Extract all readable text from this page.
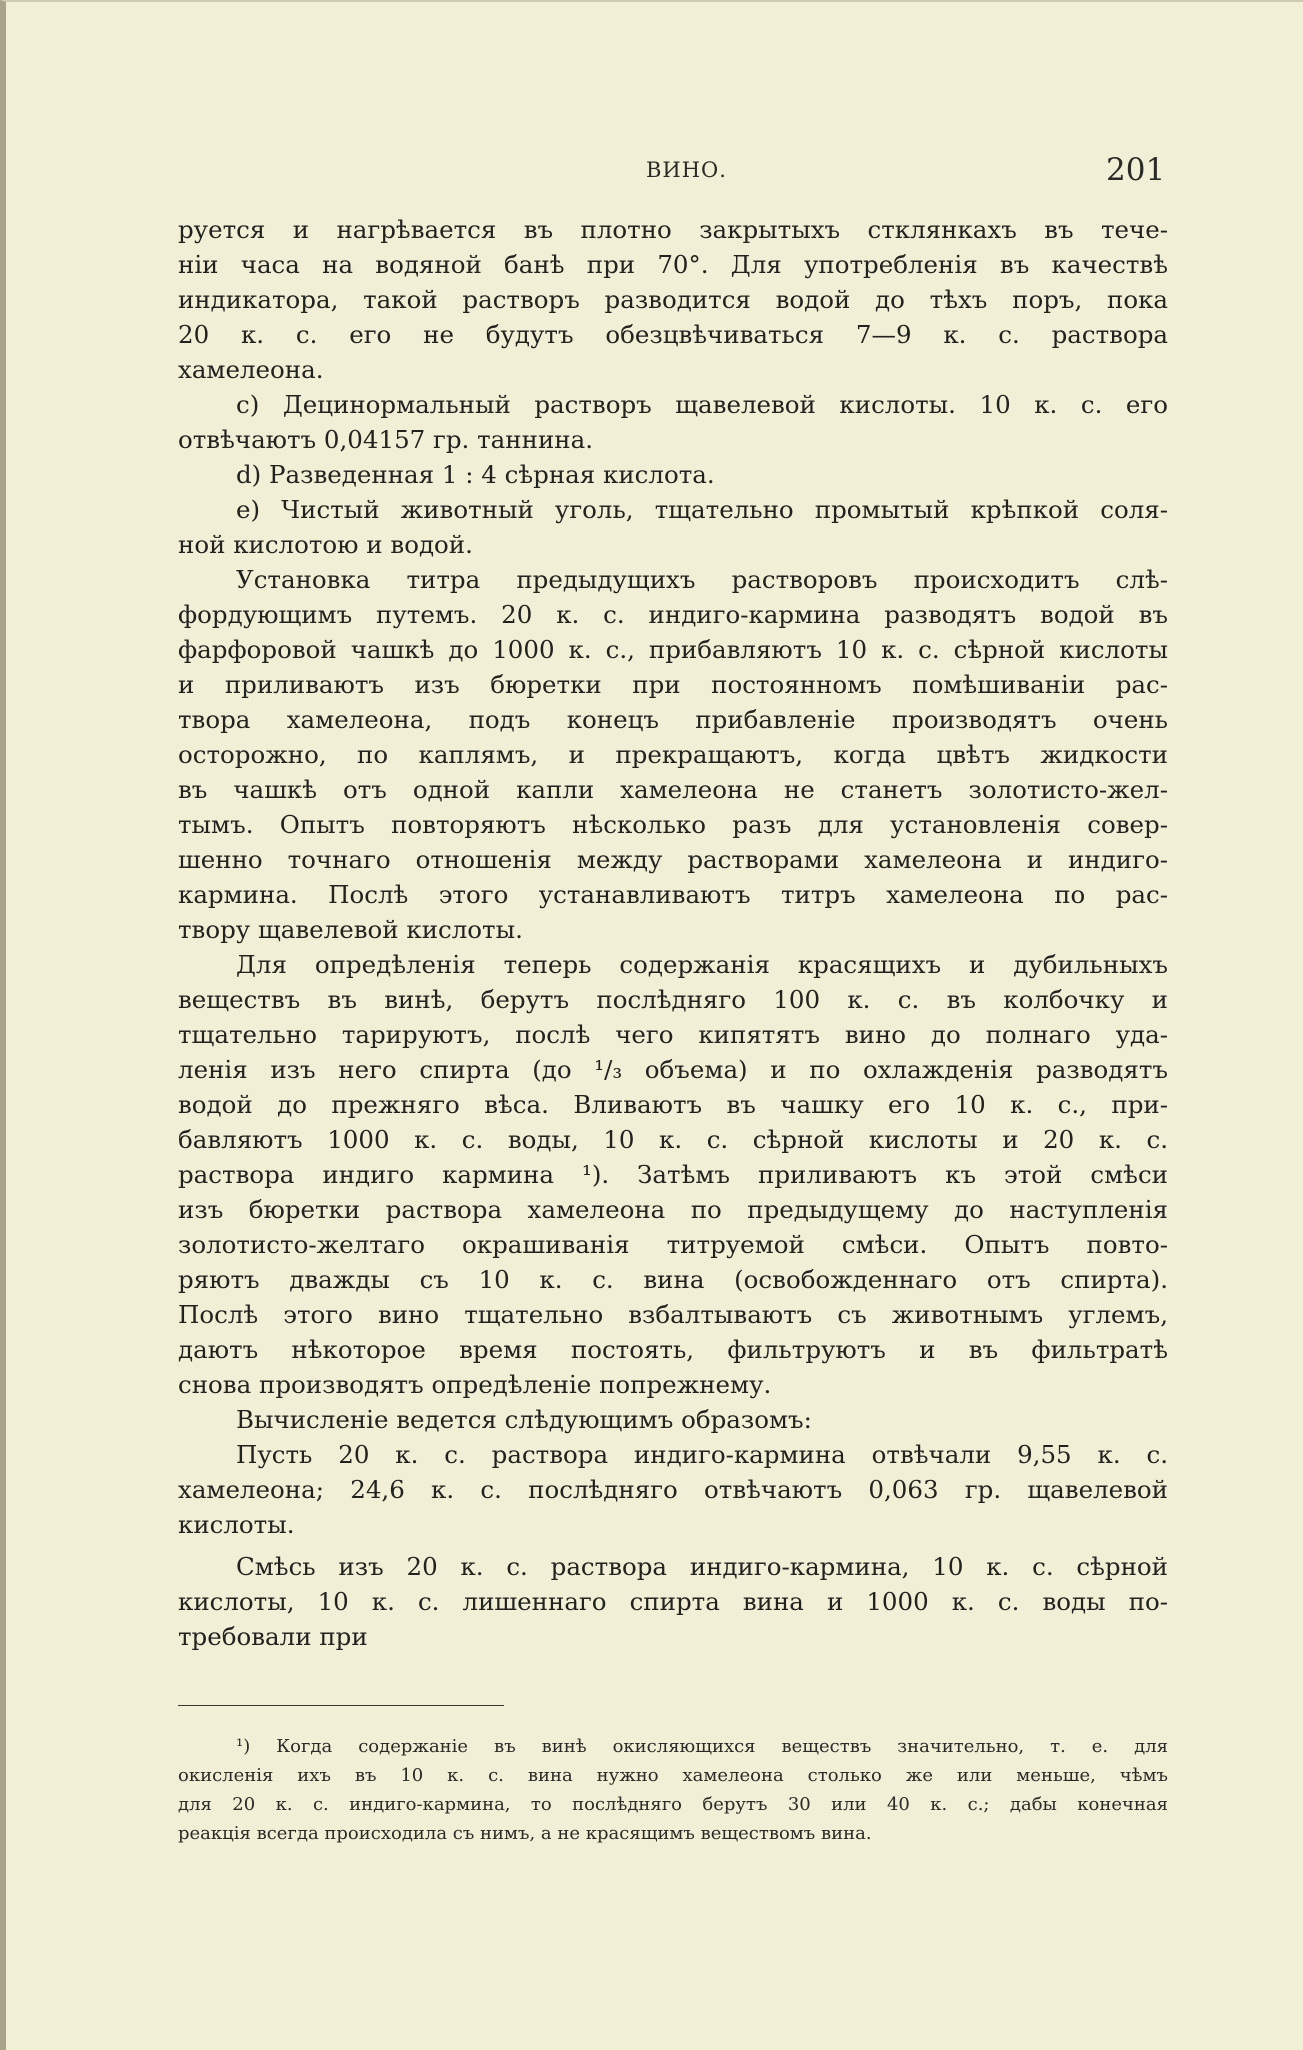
ВИНО.	201
руется и нагрѣвается въ плотно закрытыхъ стклянкахъ въ тече-
ніи часа на водяной банѣ при 70°. Для употребленія въ качествѣ
индикатора, такой растворъ разводится водой до тѣхъ поръ, пока
20 к. с. его не будутъ обезцвѣчиваться 7—9 к. с. раствора
хамелеона.
c) Децинормальный растворъ щавелевой кислоты. 10 к. с. его
отвѣчаютъ 0,04157 гр. таннина.
d) Разведенная 1 : 4 сѣрная кислота.
e) Чистый животный уголь, тщательно промытый крѣпкой соля-
ной кислотою и водой.
Установка титра предыдущихъ растворовъ происходитъ слѣ-
фордующимъ путемъ. 20 к. с. индиго-кармина разводятъ водой въ
фарфоровой чашкѣ до 1000 к. с., прибавляютъ 10 к. с. сѣрной кислоты
и приливаютъ изъ бюретки при постоянномъ помѣшиваніи рас-
твора хамелеона, подъ конецъ прибавленіе производятъ очень
осторожно, по каплямъ, и прекращаютъ, когда цвѣтъ жидкости
въ чашкѣ отъ одной капли хамелеона не станетъ золотисто-жел-
тымъ. Опытъ повторяютъ нѣсколько разъ для установленія совер-
шенно точнаго отношенія между растворами хамелеона и индиго-
кармина. Послѣ этого устанавливаютъ титръ хамелеона по рас-
твору щавелевой кислоты.
Для опредѣленія теперь содержанія красящихъ и дубильныхъ
веществъ въ винѣ, берутъ послѣдняго 100 к. с. въ колбочку и
тщательно тарируютъ, послѣ чего кипятятъ вино до полнаго уда-
ленія изъ него спирта (до ¹/₃ объема) и по охлажденія разводятъ
водой до прежняго вѣса. Вливаютъ въ чашку его 10 к. с., при-
бавляютъ 1000 к. с. воды, 10 к. с. сѣрной кислоты и 20 к. с.
раствора индиго кармина ¹). Затѣмъ приливаютъ къ этой смѣси
изъ бюретки раствора хамелеона по предыдущему до наступленія
золотисто-желтаго окрашиванія титруемой смѣси. Опытъ повто-
ряютъ дважды съ 10 к. с. вина (освобожденнаго отъ спирта).
Послѣ этого вино тщательно взбалтываютъ съ животнымъ углемъ,
даютъ нѣкоторое время постоять, фильтруютъ и въ фильтратѣ
снова производятъ опредѣленіе попрежнему.
Вычисленіе ведется слѣдующимъ образомъ:
Пусть 20 к. с. раствора индиго-кармина отвѣчали 9,55 к. с.
хамелеона; 24,6 к. с. послѣдняго отвѣчаютъ 0,063 гр. щавелевой
кислоты.
Смѣсь изъ 20 к. с. раствора индиго-кармина, 10 к. с. сѣрной
кислоты, 10 к. с. лишеннаго спирта вина и 1000 к. с. воды по-
требовали при
¹) Когда содержаніе въ винѣ окисляющихся веществъ значительно, т. е. для
окисленія ихъ въ 10 к. с. вина нужно хамелеона столько же или меньше, чѣмъ
для 20 к. с. индиго-кармина, то послѣдняго берутъ 30 или 40 к. с.; дабы конечная
реакція всегда происходила съ нимъ, а не красящимъ веществомъ вина.
